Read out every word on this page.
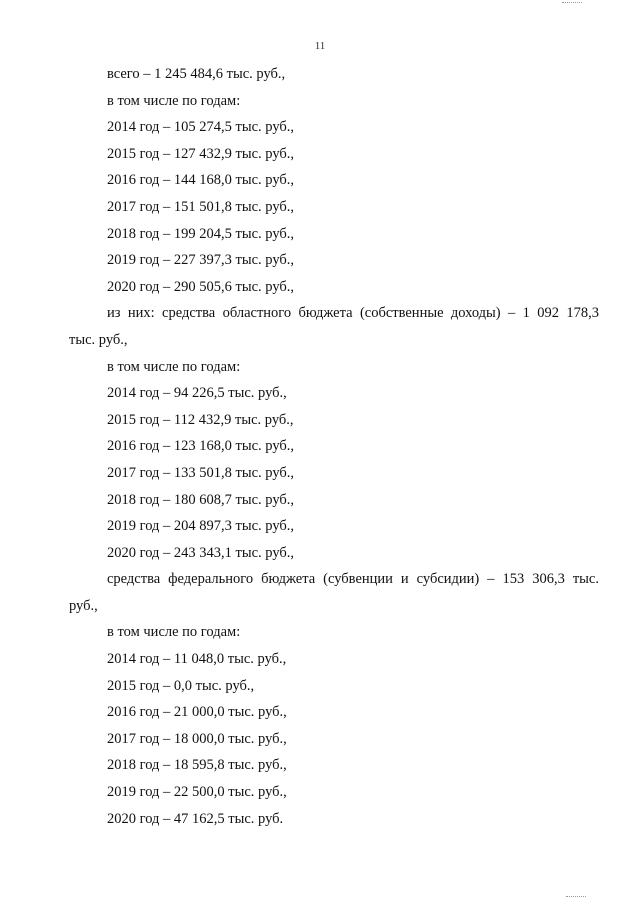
11
всего – 1 245 484,6 тыс. руб.,
в том числе по годам:
2014 год – 105 274,5 тыс. руб.,
2015 год – 127 432,9 тыс. руб.,
2016 год – 144 168,0 тыс. руб.,
2017 год – 151 501,8 тыс. руб.,
2018 год – 199 204,5 тыс. руб.,
2019 год – 227 397,3 тыс. руб.,
2020 год – 290 505,6 тыс. руб.,
из них: средства областного бюджета (собственные доходы) – 1 092 178,3
тыс. руб.,
в том числе по годам:
2014 год – 94 226,5 тыс. руб.,
2015 год – 112 432,9 тыс. руб.,
2016 год – 123 168,0 тыс. руб.,
2017 год – 133 501,8 тыс. руб.,
2018 год – 180 608,7 тыс. руб.,
2019 год – 204 897,3 тыс. руб.,
2020 год – 243 343,1 тыс. руб.,
средства федерального бюджета (субвенции и субсидии) – 153 306,3 тыс.
руб.,
в том числе по годам:
2014 год – 11 048,0 тыс. руб.,
2015 год – 0,0 тыс. руб.,
2016 год – 21 000,0 тыс. руб.,
2017 год – 18 000,0 тыс. руб.,
2018 год – 18 595,8 тыс. руб.,
2019 год – 22 500,0 тыс. руб.,
2020 год – 47 162,5 тыс. руб.
